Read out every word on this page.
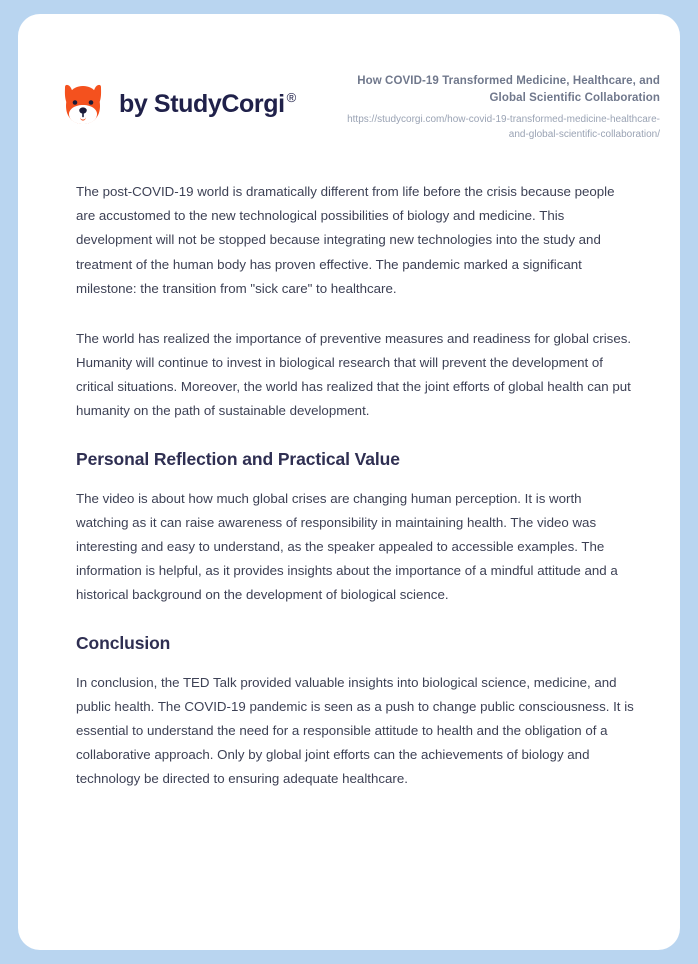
by StudyCorgi ®
How COVID-19 Transformed Medicine, Healthcare, and Global Scientific Collaboration
https://studycorgi.com/how-covid-19-transformed-medicine-healthcare-and-global-scientific-collaboration/

The post-COVID-19 world is dramatically different from life before the crisis because people are accustomed to the new technological possibilities of biology and medicine. This development will not be stopped because integrating new technologies into the study and treatment of the human body has proven effective. The pandemic marked a significant milestone: the transition from "sick care" to healthcare.

The world has realized the importance of preventive measures and readiness for global crises. Humanity will continue to invest in biological research that will prevent the development of critical situations. Moreover, the world has realized that the joint efforts of global health can put humanity on the path of sustainable development.

Personal Reflection and Practical Value

The video is about how much global crises are changing human perception. It is worth watching as it can raise awareness of responsibility in maintaining health. The video was interesting and easy to understand, as the speaker appealed to accessible examples. The information is helpful, as it provides insights about the importance of a mindful attitude and a historical background on the development of biological science.

Conclusion

In conclusion, the TED Talk provided valuable insights into biological science, medicine, and public health. The COVID-19 pandemic is seen as a push to change public consciousness. It is essential to understand the need for a responsible attitude to health and the obligation of a collaborative approach. Only by global joint efforts can the achievements of biology and technology be directed to ensuring adequate healthcare.
